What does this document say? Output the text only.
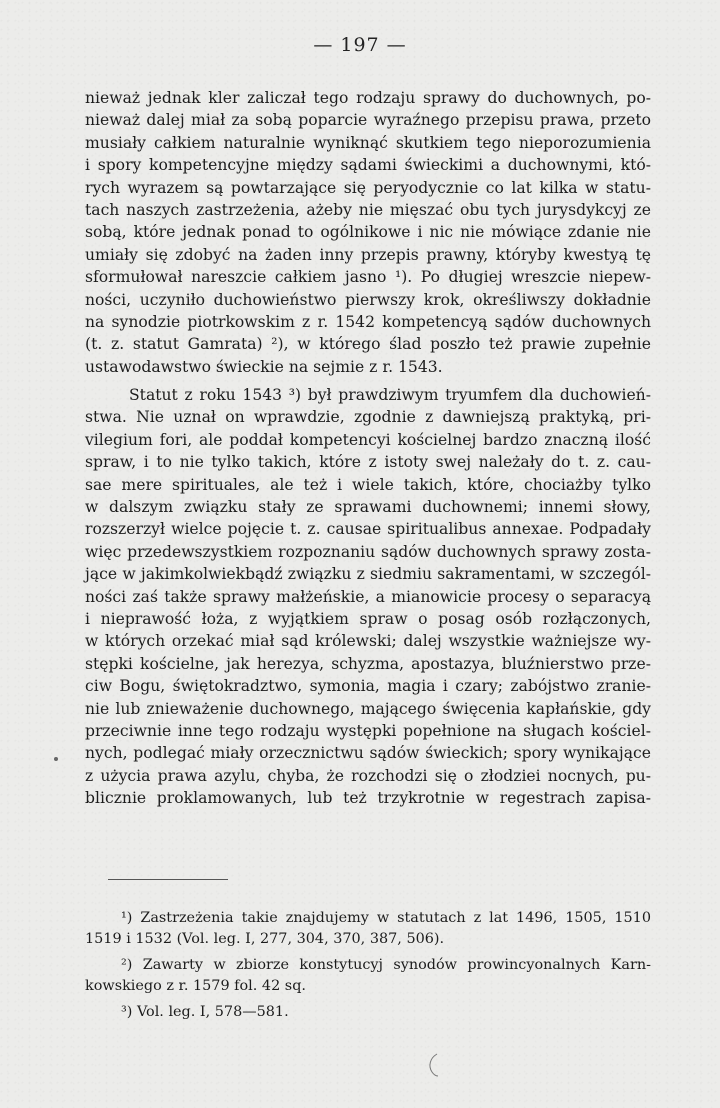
— 197 —
nieważ jednak kler zaliczał tego rodzaju sprawy do duchownych, po-
nieważ dalej miał za sobą poparcie wyraźnego przepisu prawa, przeto
musiały całkiem naturalnie wyniknąć skutkiem tego nieporozumienia
i spory kompetencyjne między sądami świeckimi a duchownymi, któ-
rych wyrazem są powtarzające się peryodycznie co lat kilka w statu-
tach naszych zastrzeżenia, ażeby nie mięszać obu tych jurysdykcyj ze
sobą, które jednak ponad to ogólnikowe i nic nie mówiące zdanie nie
umiały się zdobyć na żaden inny przepis prawny, któryby kwestyą tę
sformułował nareszcie całkiem jasno ¹). Po długiej wreszcie niepew-
ności, uczyniło duchowieństwo pierwszy krok, określiwszy dokładnie
na synodzie piotrkowskim z r. 1542 kompetencyą sądów duchownych
(t. z. statut Gamrata) ²), w którego ślad poszło też prawie zupełnie
ustawodawstwo świeckie na sejmie z r. 1543.
Statut z roku 1543 ³) był prawdziwym tryumfem dla duchowień-
stwa. Nie uznał on wprawdzie, zgodnie z dawniejszą praktyką, pri-
vilegium fori, ale poddał kompetencyi kościelnej bardzo znaczną ilość
spraw, i to nie tylko takich, które z istoty swej należały do t. z. cau-
sae mere spirituales, ale też i wiele takich, które, chociażby tylko
w dalszym związku stały ze sprawami duchownemi; innemi słowy,
rozszerzył wielce pojęcie t. z. causae spiritualibus annexae. Podpadały
więc przedewszystkiem rozpoznaniu sądów duchownych sprawy zosta-
jące w jakimkolwiekbądź związku z siedmiu sakramentami, w szczegól-
ności zaś także sprawy małżeńskie, a mianowicie procesy o separacyą
i nieprawość łoża, z wyjątkiem spraw o posag osób rozłączonych,
w których orzekać miał sąd królewski; dalej wszystkie ważniejsze wy-
stępki kościelne, jak herezya, schyzma, apostazya, bluźnierstwo prze-
ciw Bogu, świętokradztwo, symonia, magia i czary; zabójstwo zranie-
nie lub znieważenie duchownego, mającego święcenia kapłańskie, gdy
przeciwnie inne tego rodzaju występki popełnione na sługach kościel-
nych, podlegać miały orzecznictwu sądów świeckich; spory wynikające
z użycia prawa azylu, chyba, że rozchodzi się o złodziei nocnych, pu-
blicznie proklamowanych, lub też trzykrotnie w regestrach zapisa-
¹) Zastrzeżenia takie znajdujemy w statutach z lat 1496, 1505, 1510
1519 i 1532 (Vol. leg. I, 277, 304, 370, 387, 506).
²) Zawarty w zbiorze konstytucyj synodów prowincyonalnych Karn-
kowskiego z r. 1579 fol. 42 sq.
³) Vol. leg. I, 578—581.
